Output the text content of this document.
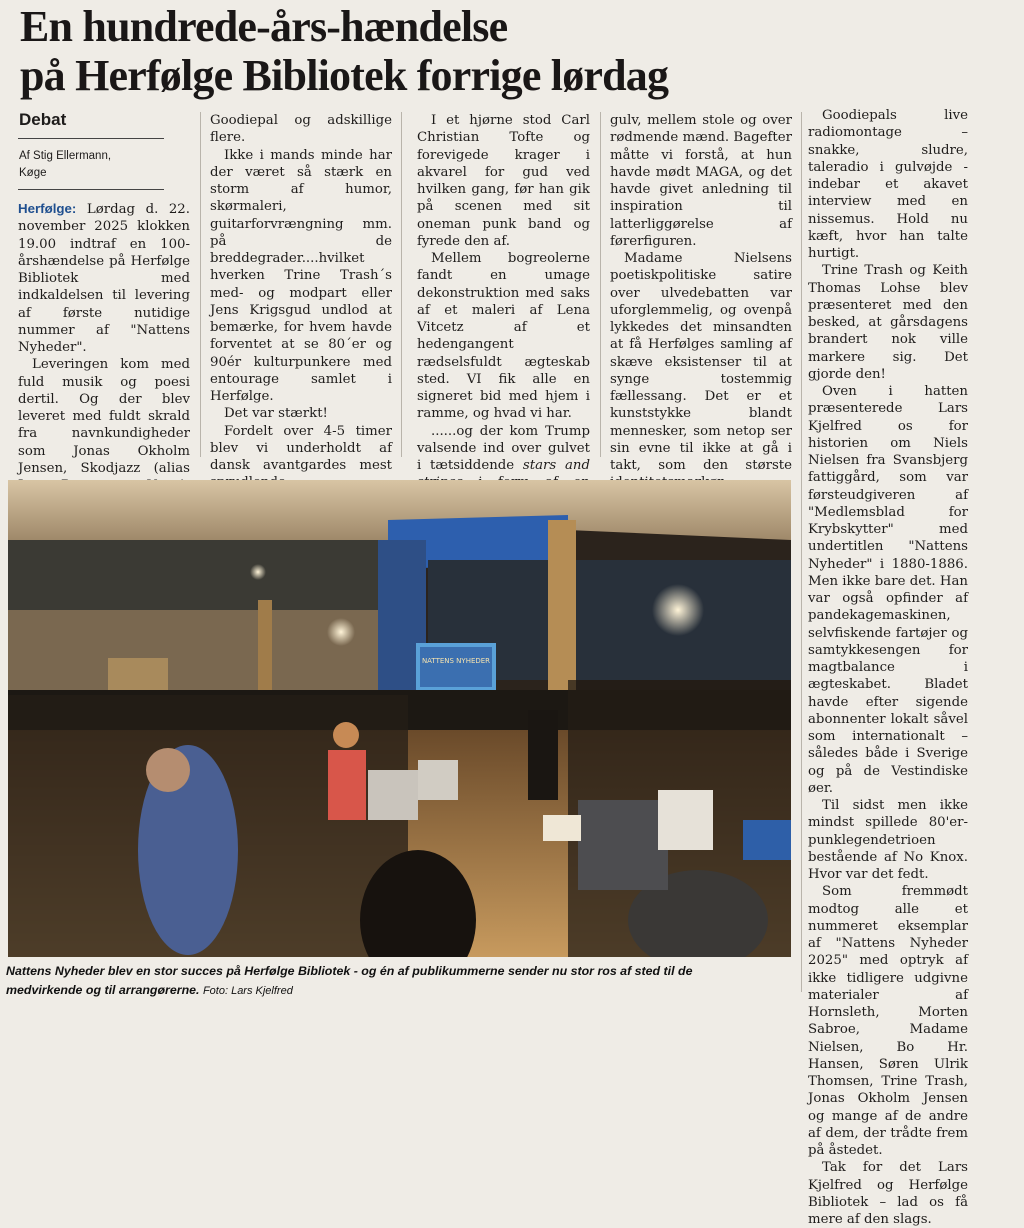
En hundrede-års-hændelse
på Herfølge Bibliotek forrige lørdag
Debat
Af Stig Ellermann,
Køge

Herfølge: Lørdag d. 22. november 2025 klokken 19.00 indtraf en 100-årshændelse på Herfølge Bibliotek med indkaldelsen til levering af første nutidige nummer af "Nattens Nyheder".

Leveringen kom med fuld musik og poesi dertil. Og der blev leveret med fuldt skrald fra navnkundigheder som Jonas Okholm Jensen, Skodjazz (alias

Goodiepal og adskillige flere.

Ikke i mands minde har der været så stærk en storm af humor, skørmaleri, guitarforvrængning mm. på de breddegrader....hvilket hverken Trine Trash´s med- og modpart eller Jens Krigsgud undlod at bemærke, for hvem havde forventet at se 80´er og 90ér kulturpunkere med entourage samlet i Herfølge.

Det var stærkt!

Fordelt over 4-5 timer blev vi underholdt af dansk avantgardes mest

I et hjørne stod Carl Christian Tofte og forevigede krager i akvarel for gud ved hvilken gang, før han gik på scenen med sit oneman punk band og fyrede den af.

Mellem bogreolerne fandt en umage dekonstruktion med saks af et maleri af Lena Vitcetz af et hedengangent rædselsfuldt ægteskab sted. VI fik alle en signeret bid med hjem i ramme, og hvad vi har.

......og der kom Trump valsende ind over gulvet i tætsiddende stars and

gulv, mellem stole og over rødmende mænd. Bagefter måtte vi forstå, at hun havde mødt MAGA, og det havde givet anledning til inspiration til latterliggørelse af førerfiguren.

Madame Nielsens poetiskpolitiske satire over ulvedebatten var uforglemmelig, og ovenpå lykkedes det minsandten at få Herfølges samling af skæve eksistenser til at synge tostemmig fællessang. Det er et kunststykke blandt mennesker, som netop ser sin evne til ikke at gå i takt, som den største

Goodiepals live radiomontage – snakke, sludre, taleradio i gulvøjde - indebar et akavet interview med en nissemus. Hold nu kæft, hvor han talte hurtigt.

Trine Trash og Keith Thomas Lohse blev præsenteret med den besked, at gårsdagens brandert nok ville markere sig. Det gjorde den!

Oven i hatten præsenterede Lars Kjelfred os for historien om Niels Nielsen fra Svansbjerg fattiggård, som var førsteudgiveren af "Medlemsblad for Krybskytter" med undertitlen "Nattens Nyheder" i 1880-1886. Men ikke bare det. Han var også opfinder af pandekagemaskinen, selvfiskende fartøjer og samtykkesengen for magtbalance i ægteskabet. Bladet havde efter sigende abonnenter lokalt såvel som internationalt – således både i Sverige og på de Vestindiske øer.

Til sidst men ikke mindst spillede 80'er-punklegendetrioen bestående af No Knox. Hvor var det fedt.

Som fremmødt modtog alle et nummeret eksemplar af "Nattens Nyheder 2025" med optryk af ikke tidligere udgivne materialer af Hornsleth, Morten Sabroe, Madame Nielsen, Bo Hr. Hansen, Søren Ulrik Thomsen, Trine Trash, Jonas Okholm Jensen og mange af de andre af dem, der trådte frem på åstedet.

Tak for det Lars Kjelfred og Herfølge Bibliotek – lad os få mere af den slags.

NATTENS NYHEDER
Nattens Nyheder blev en stor succes på Herfølge Bibliotek - og én af publikummerne sender nu stor ros af sted til de
medvirkende og til arrangørerne. Foto: Lars Kjelfred
